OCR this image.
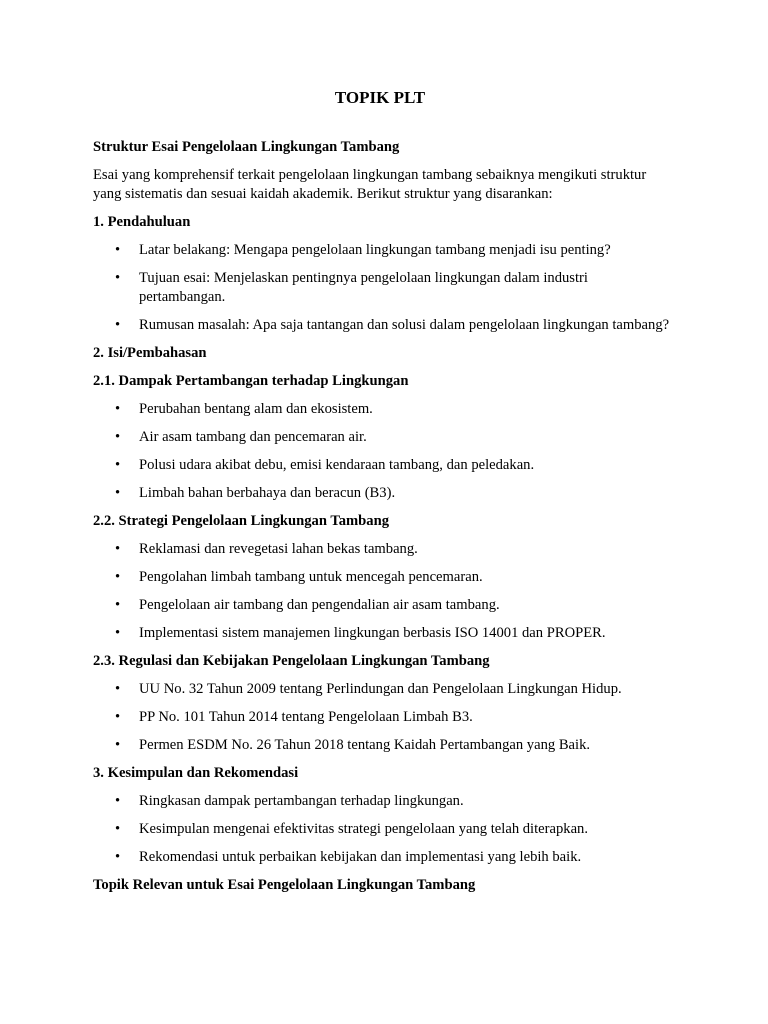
TOPIK PLT

Struktur Esai Pengelolaan Lingkungan Tambang

Esai yang komprehensif terkait pengelolaan lingkungan tambang sebaiknya mengikuti struktur yang sistematis dan sesuai kaidah akademik. Berikut struktur yang disarankan:

1. Pendahuluan

• Latar belakang: Mengapa pengelolaan lingkungan tambang menjadi isu penting?
• Tujuan esai: Menjelaskan pentingnya pengelolaan lingkungan dalam industri pertambangan.
• Rumusan masalah: Apa saja tantangan dan solusi dalam pengelolaan lingkungan tambang?

2. Isi/Pembahasan

2.1. Dampak Pertambangan terhadap Lingkungan

• Perubahan bentang alam dan ekosistem.
• Air asam tambang dan pencemaran air.
• Polusi udara akibat debu, emisi kendaraan tambang, dan peledakan.
• Limbah bahan berbahaya dan beracun (B3).

2.2. Strategi Pengelolaan Lingkungan Tambang

• Reklamasi dan revegetasi lahan bekas tambang.
• Pengolahan limbah tambang untuk mencegah pencemaran.
• Pengelolaan air tambang dan pengendalian air asam tambang.
• Implementasi sistem manajemen lingkungan berbasis ISO 14001 dan PROPER.

2.3. Regulasi dan Kebijakan Pengelolaan Lingkungan Tambang

• UU No. 32 Tahun 2009 tentang Perlindungan dan Pengelolaan Lingkungan Hidup.
• PP No. 101 Tahun 2014 tentang Pengelolaan Limbah B3.
• Permen ESDM No. 26 Tahun 2018 tentang Kaidah Pertambangan yang Baik.

3. Kesimpulan dan Rekomendasi

• Ringkasan dampak pertambangan terhadap lingkungan.
• Kesimpulan mengenai efektivitas strategi pengelolaan yang telah diterapkan.
• Rekomendasi untuk perbaikan kebijakan dan implementasi yang lebih baik.

Topik Relevan untuk Esai Pengelolaan Lingkungan Tambang
